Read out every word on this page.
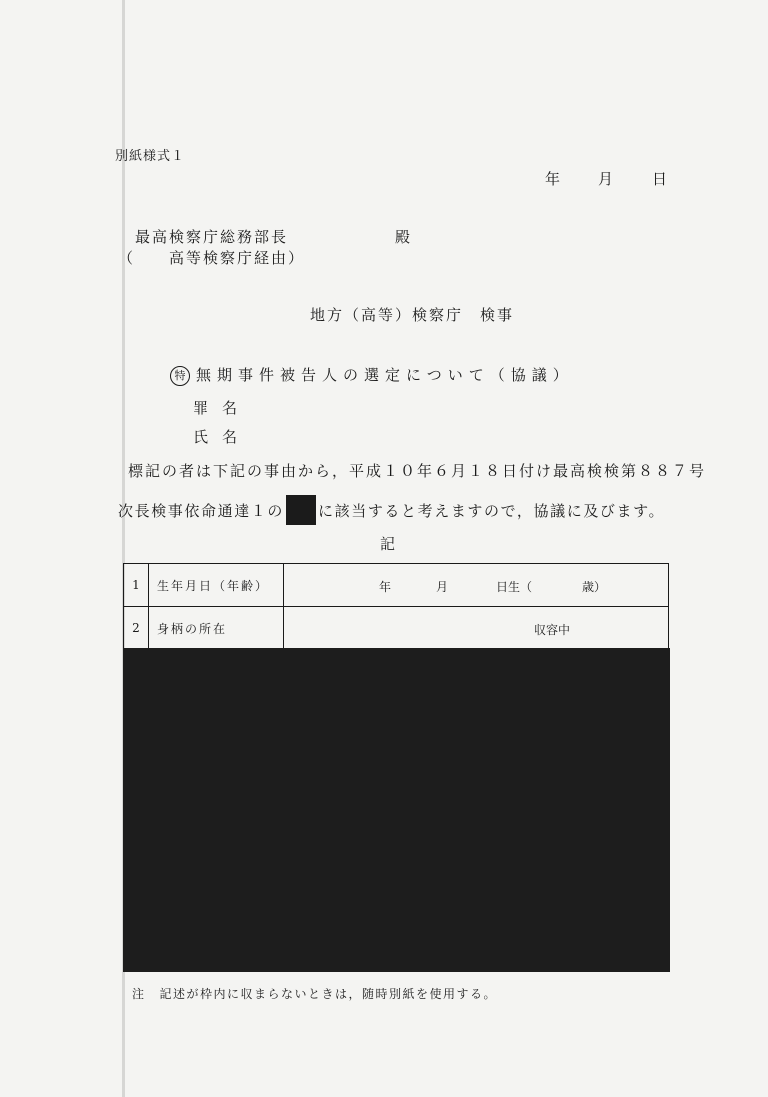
別紙様式１
年	月	日
最高検察庁総務部長	殿
（　　高等検察庁経由）
地方（高等）検察庁　検事
特 無期事件被告人の選定について（協議）
罪名
氏名
標記の者は下記の事由から，平成１０年６月１８日付け最高検検第８８７号
次長検事依命通達１の に該当すると考えますので，協議に及びます。
記
1	生年月日（年齢）	年 月 日生（ 歳）

2	身柄の所在	収容中
注 記述が枠内に収まらないときは，随時別紙を使用する。
